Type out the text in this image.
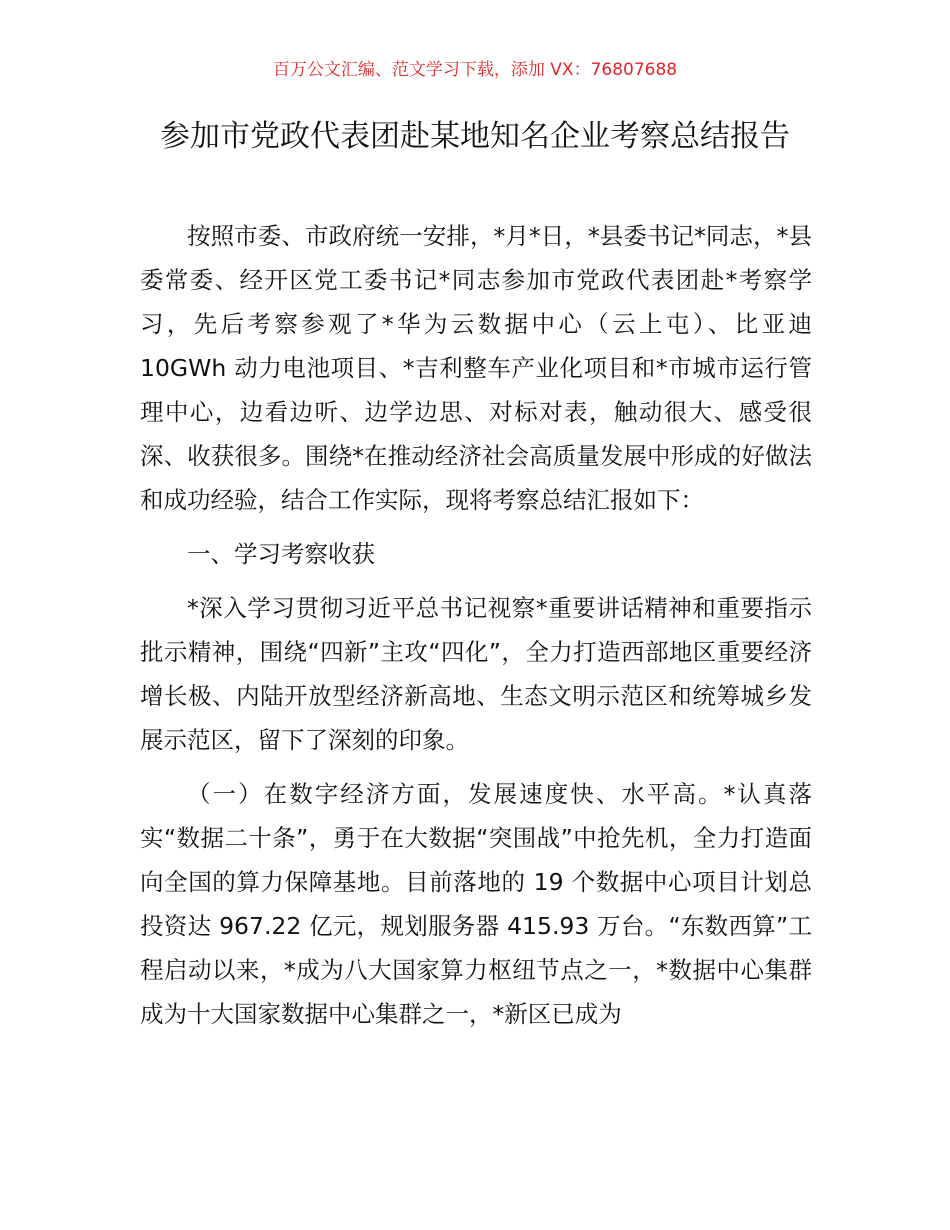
百万公文汇编、范文学习下载，添加 VX：76807688
参加市党政代表团赴某地知名企业考察总结报告

按照市委、市政府统一安排，*月*日，*县委书记*同志，*县委常委、经开区党工委书记*同志参加市党政代表团赴*考察学习，先后考察参观了*华为云数据中心（云上屯）、比亚迪 10GWh 动力电池项目、*吉利整车产业化项目和*市城市运行管理中心，边看边听、边学边思、对标对表，触动很大、感受很深、收获很多。围绕*在推动经济社会高质量发展中形成的好做法和成功经验，结合工作实际，现将考察总结汇报如下：

一、学习考察收获

*深入学习贯彻习近平总书记视察*重要讲话精神和重要指示批示精神，围绕“四新”主攻“四化”，全力打造西部地区重要经济增长极、内陆开放型经济新高地、生态文明示范区和统筹城乡发展示范区，留下了深刻的印象。

（一）在数字经济方面，发展速度快、水平高。*认真落实“数据二十条”，勇于在大数据“突围战”中抢先机，全力打造面向全国的算力保障基地。目前落地的 19 个数据中心项目计划总投资达 967.22 亿元，规划服务器 415.93 万台。“东数西算”工程启动以来，*成为八大国家算力枢纽节点之一，*数据中心集群成为十大国家数据中心集群之一，*新区已成为
